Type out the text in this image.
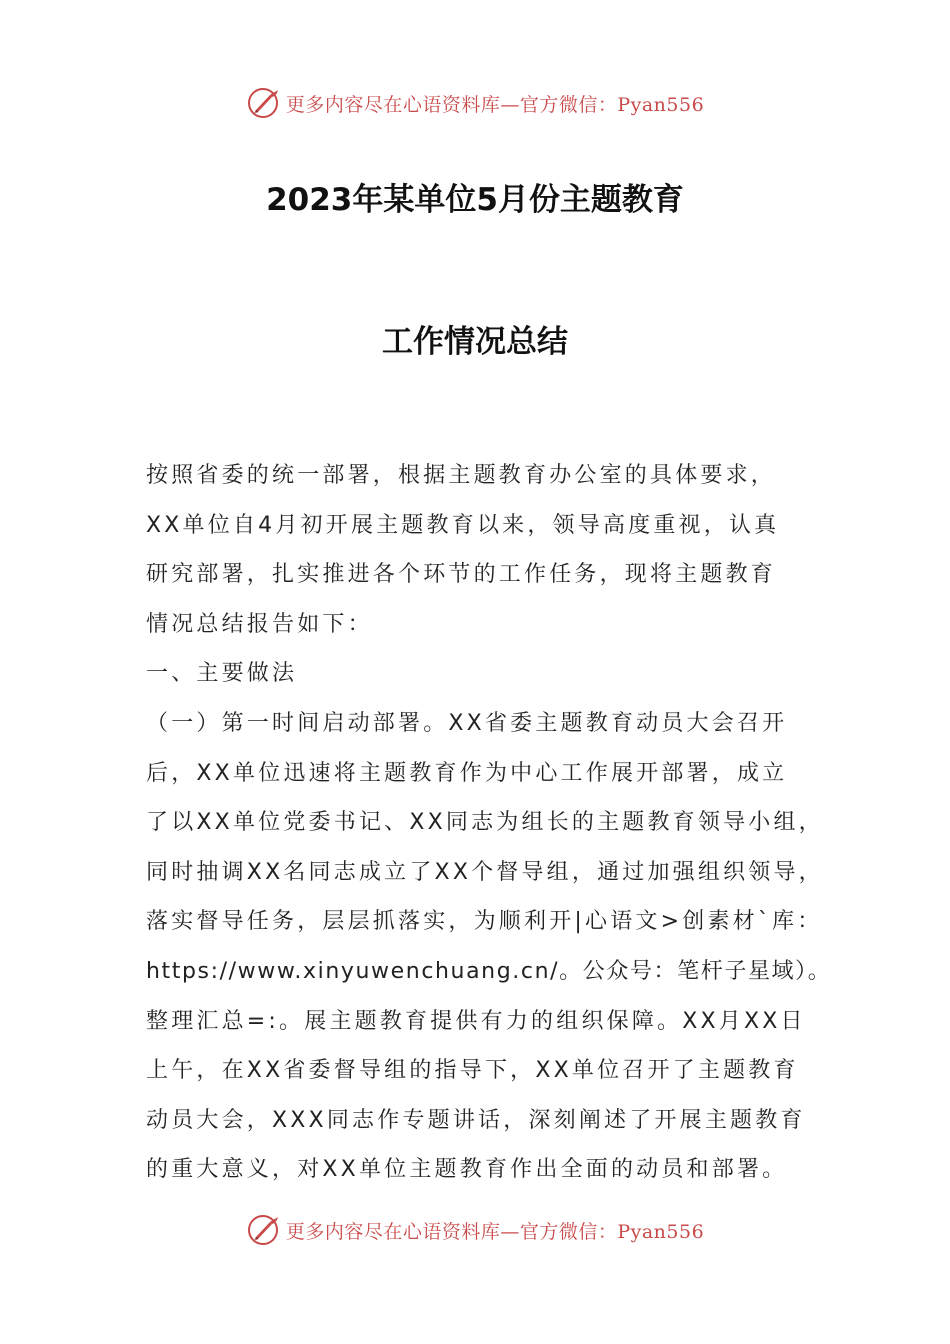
更多内容尽在心语资料库—官方微信：Pyan556
2023年某单位5月份主题教育
工作情况总结
按照省委的统一部署，根据主题教育办公室的具体要求，
XX单位自4月初开展主题教育以来，领导高度重视，认真
研究部署，扎实推进各个环节的工作任务，现将主题教育
情况总结报告如下：
一、主要做法
（一）第一时间启动部署。XX省委主题教育动员大会召开
后，XX单位迅速将主题教育作为中心工作展开部署，成立
了以XX单位党委书记、XX同志为组长的主题教育领导小组，
同时抽调XX名同志成立了XX个督导组，通过加强组织领导，
落实督导任务，层层抓落实，为顺利开|心语文>创素材`库：
https://www.xinyuwenchuang.cn/。公众号：笔杆子星域）。
整理汇总=:。展主题教育提供有力的组织保障。XX月XX日
上午，在XX省委督导组的指导下，XX单位召开了主题教育
动员大会，XXX同志作专题讲话，深刻阐述了开展主题教育
的重大意义，对XX单位主题教育作出全面的动员和部署。
更多内容尽在心语资料库—官方微信：Pyan556
